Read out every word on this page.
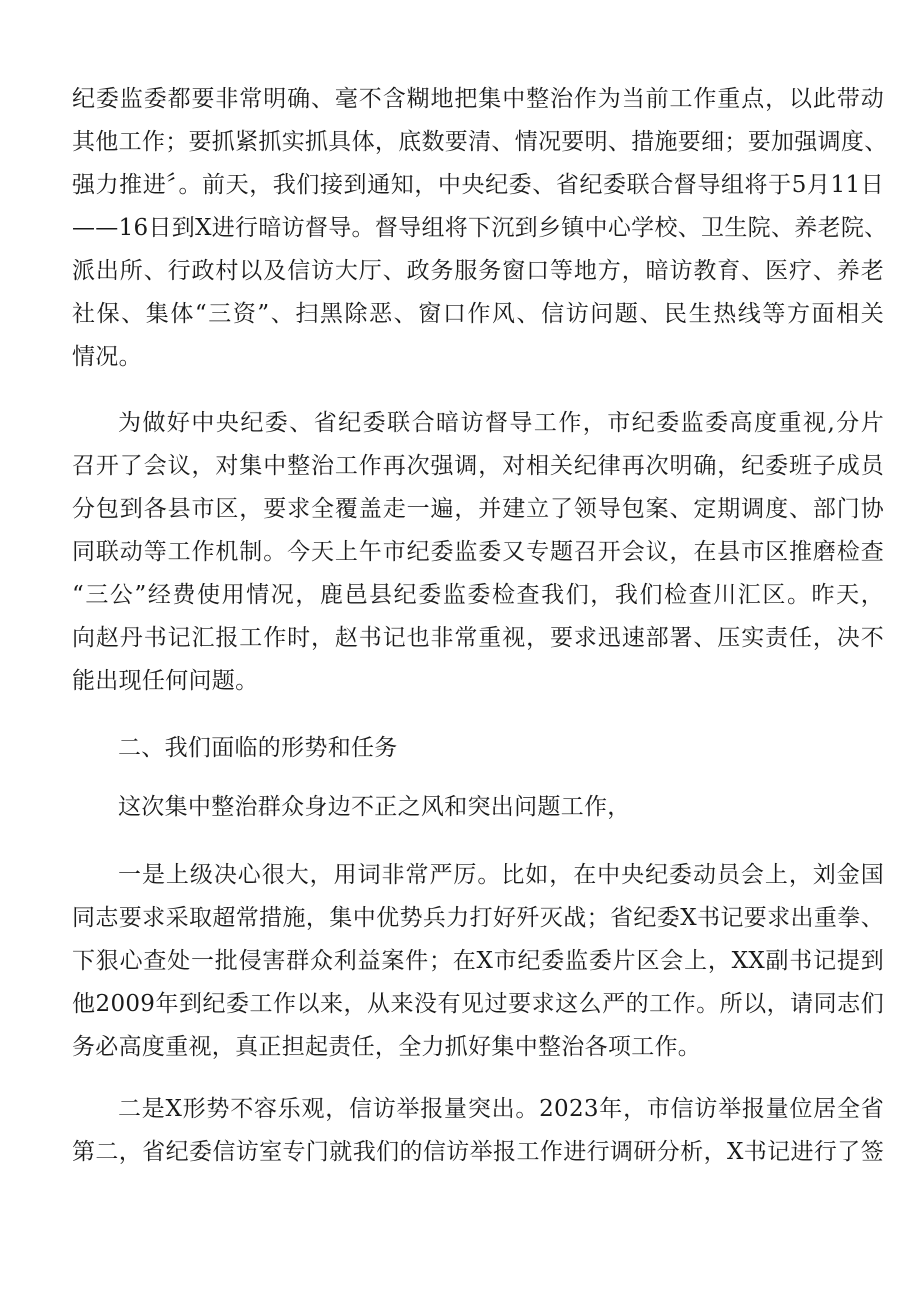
纪委监委都要非常明确、毫不含糊地把集中整治作为当前工作重点，以此带动
其他工作；要抓紧抓实抓具体，底数要清、情况要明、措施要细；要加强调度、
强力推进〞。前天，我们接到通知，中央纪委、省纪委联合督导组将于5月11日
——16日到X进行暗访督导。督导组将下沉到乡镇中心学校、卫生院、养老院、
派出所、行政村以及信访大厅、政务服务窗口等地方，暗访教育、医疗、养老
社保、集体“三资”、扫黑除恶、窗口作风、信访问题、民生热线等方面相关
情况。

为做好中央纪委、省纪委联合暗访督导工作，市纪委监委高度重视,分片
召开了会议，对集中整治工作再次强调，对相关纪律再次明确，纪委班子成员
分包到各县市区，要求全覆盖走一遍，并建立了领导包案、定期调度、部门协
同联动等工作机制。今天上午市纪委监委又专题召开会议，在县市区推磨检查
“三公”经费使用情况，鹿邑县纪委监委检查我们，我们检查川汇区。昨天，
向赵丹书记汇报工作时，赵书记也非常重视，要求迅速部署、压实责任，决不
能出现任何问题。

二、我们面临的形势和任务

这次集中整治群众身边不正之风和突出问题工作，

一是上级决心很大，用词非常严厉。比如，在中央纪委动员会上，刘金国
同志要求采取超常措施，集中优势兵力打好歼灭战；省纪委X书记要求出重拳、
下狠心查处一批侵害群众利益案件；在X市纪委监委片区会上，XX副书记提到
他2009年到纪委工作以来，从来没有见过要求这么严的工作。所以，请同志们
务必高度重视，真正担起责任，全力抓好集中整治各项工作。

二是X形势不容乐观，信访举报量突出。2023年，市信访举报量位居全省
第二，省纪委信访室专门就我们的信访举报工作进行调研分析，X书记进行了签
